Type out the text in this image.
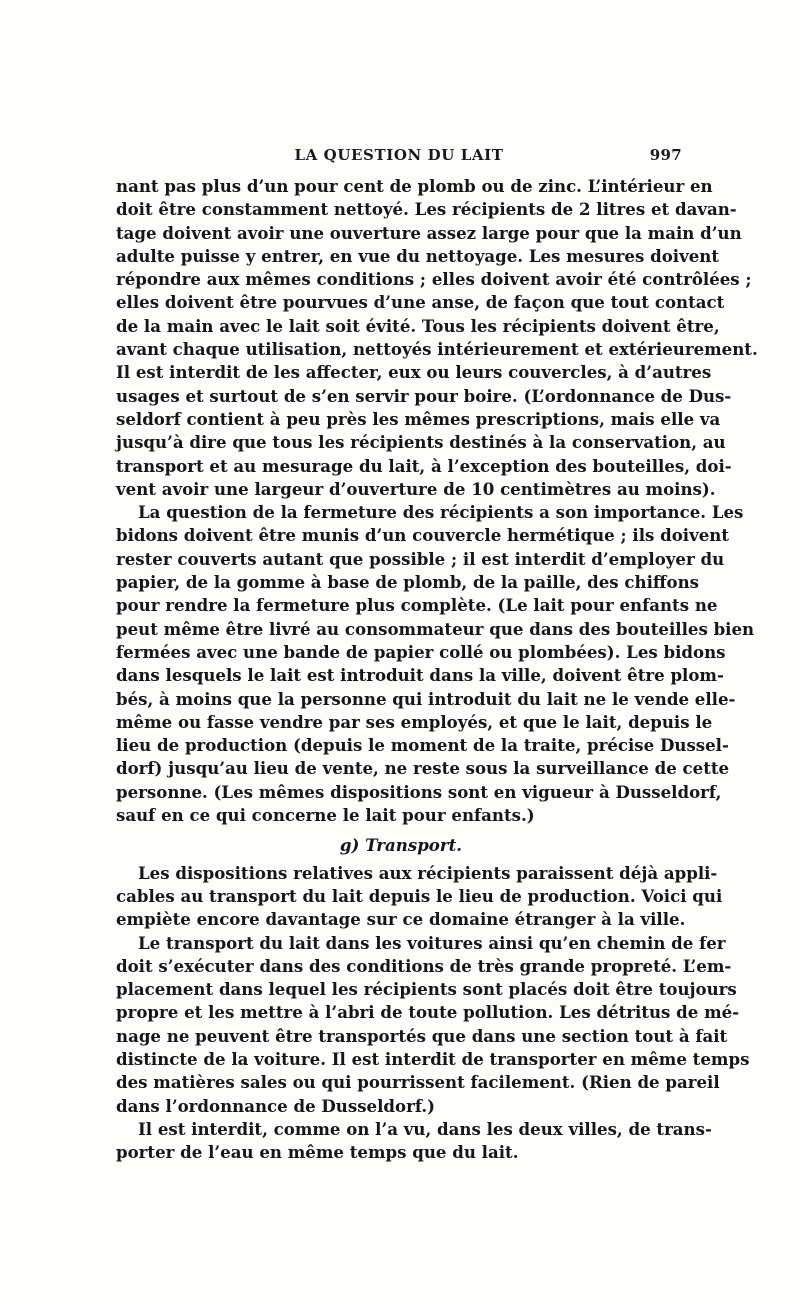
LA QUESTION DU LAIT	997
nant pas plus d’un pour cent de plomb ou de zinc. L’intérieur en
doit être constamment nettoyé. Les récipients de 2 litres et davan-
tage doivent avoir une ouverture assez large pour que la main d’un
adulte puisse y entrer, en vue du nettoyage. Les mesures doivent
répondre aux mêmes conditions ; elles doivent avoir été contrôlées ;
elles doivent être pourvues d’une anse, de façon que tout contact
de la main avec le lait soit évité. Tous les récipients doivent être,
avant chaque utilisation, nettoyés intérieurement et extérieurement.
Il est interdit de les affecter, eux ou leurs couvercles, à d’autres
usages et surtout de s’en servir pour boire. (L’ordonnance de Dus-
seldorf contient à peu près les mêmes prescriptions, mais elle va
jusqu’à dire que tous les récipients destinés à la conservation, au
transport et au mesurage du lait, à l’exception des bouteilles, doi-
vent avoir une largeur d’ouverture de 10 centimètres au moins).
La question de la fermeture des récipients a son importance. Les
bidons doivent être munis d’un couvercle hermétique ; ils doivent
rester couverts autant que possible ; il est interdit d’employer du
papier, de la gomme à base de plomb, de la paille, des chiffons
pour rendre la fermeture plus complète. (Le lait pour enfants ne
peut même être livré au consommateur que dans des bouteilles bien
fermées avec une bande de papier collé ou plombées). Les bidons
dans lesquels le lait est introduit dans la ville, doivent être plom-
bés, à moins que la personne qui introduit du lait ne le vende elle-
même ou fasse vendre par ses employés, et que le lait, depuis le
lieu de production (depuis le moment de la traite, précise Dussel-
dorf) jusqu’au lieu de vente, ne reste sous la surveillance de cette
personne. (Les mêmes dispositions sont en vigueur à Dusseldorf,
sauf en ce qui concerne le lait pour enfants.)
g) Transport.
Les dispositions relatives aux récipients paraissent déjà appli-
cables au transport du lait depuis le lieu de production. Voici qui
empiète encore davantage sur ce domaine étranger à la ville.
Le transport du lait dans les voitures ainsi qu’en chemin de fer
doit s’exécuter dans des conditions de très grande propreté. L’em-
placement dans lequel les récipients sont placés doit être toujours
propre et les mettre à l’abri de toute pollution. Les détritus de mé-
nage ne peuvent être transportés que dans une section tout à fait
distincte de la voiture. Il est interdit de transporter en même temps
des matières sales ou qui pourrissent facilement. (Rien de pareil
dans l’ordonnance de Dusseldorf.)
Il est interdit, comme on l’a vu, dans les deux villes, de trans-
porter de l’eau en même temps que du lait.
